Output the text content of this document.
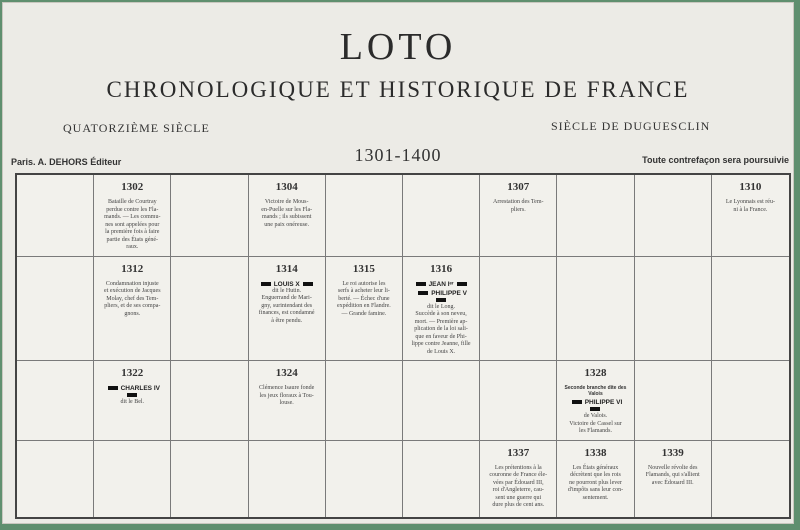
LOTO
CHRONOLOGIQUE ET HISTORIQUE DE FRANCE
QUATORZIÈME SIÈCLE	SIÈCLE DE DUGUESCLIN
1301-1400
Paris. A. DEHORS Éditeur	Toute contrefaçon sera poursuivie
1302
Bataille de Courtray
perdue contre les Fla-
mands. — Les commu-
nes sont appelées pour
la première fois à faire
partie des États géné-
raux.
1304
Victoire de Mous-
en-Puelle sur les Fla-
mands ; ils subissent
une paix onéreuse.
1307
Arrestation des Tem-
pliers.
1310
Le Lyonnais est réu-
ni à la France.
1312
Condamnation injuste
et exécution de Jacques
Molay, chef des Tem-
pliers, et de ses compa-
gnons.
1314
LOUIS X
dit le Hutin.
Enguerrand de Mari-
gny, surintendant des
finances, est condamné
à être pendu.
1315
Le roi autorise les
serfs à acheter leur li-
berté. — Échec d'une
expédition en Flandre.
— Grande famine.
1316
JEAN Iᵉʳ
PHILIPPE V
dit le Long.
Succède à son neveu,
mort. — Première ap-
plication de la loi sali-
que en faveur de Phi-
lippe contre Jeanne, fille
de Louis X.
1322
CHARLES IV
dit le Bel.
1324
Clémence Isaure fonde
les jeux floraux à Tou-
louse.
1328
Seconde branche dite des Valois
PHILIPPE VI
de Valois.
Victoire de Cassel sur
les Flamands.
1337
Les prétentions à la
couronne de France éle-
vées par Édouard III,
roi d'Angleterre, cau-
sent une guerre qui
dure plus de cent ans.
1338
Les États généraux
décrètent que les rois
ne pourront plus lever
d'impôts sans leur con-
sentement.
1339
Nouvelle révolte des
Flamands, qui s'allient
avec Édouard III.
